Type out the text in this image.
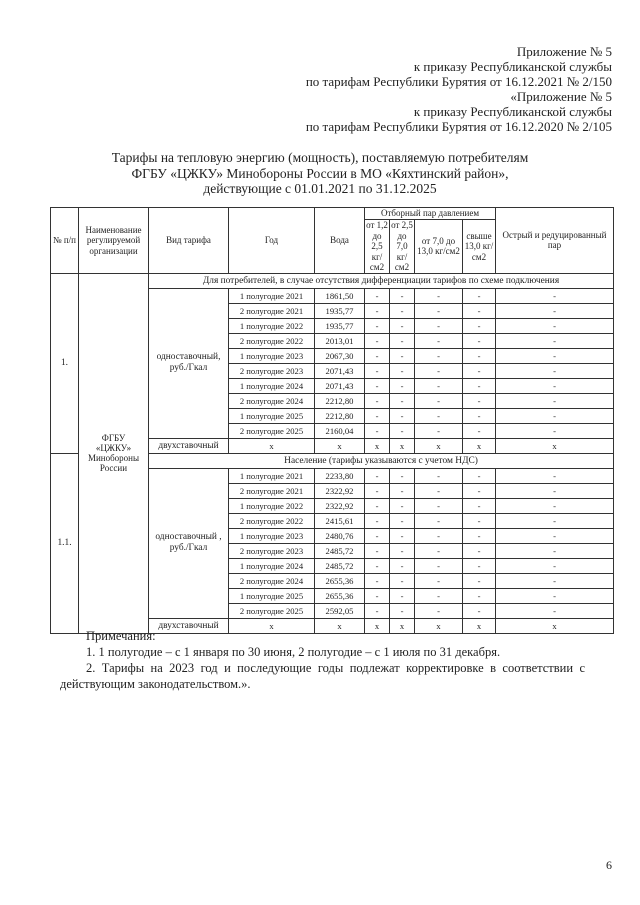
Приложение № 5
к приказу Республиканской службы
по тарифам Республики Бурятия от 16.12.2021 № 2/150
«Приложение № 5
к приказу Республиканской службы
по тарифам Республики Бурятия от 16.12.2020 № 2/105
Тарифы на тепловую энергию (мощность), поставляемую потребителям
ФГБУ «ЦЖКУ» Минобороны России в МО «Кяхтинский район»,
действующие с 01.01.2021 по 31.12.2025
№ п/п	Наименование регулируемой организации	Вид тарифа	Год	Вода	Отборный пар давлением				Острый и редуцированный пар
					от 1,2 до 2,5 кг/см2	от 2,5 до 7,0 кг/см2	от 7,0 до 13,0 кг/см2	свыше 13,0 кг/см2	
1.	ФГБУ «ЦЖКУ» Минобороны России	Для потребителей, в случае отсутствия дифференциации тарифов по схеме подключения							
		одноставочный, руб./Гкал	1 полугодие 2021	1861,50	-	-	-	-	-
			2 полугодие 2021	1935,77	-	-	-	-	-
			1 полугодие 2022	1935,77	-	-	-	-	-
			2 полугодие 2022	2013,01	-	-	-	-	-
			1 полугодие 2023	2067,30	-	-	-	-	-
			2 полугодие 2023	2071,43	-	-	-	-	-
			1 полугодие 2024	2071,43	-	-	-	-	-
			2 полугодие 2024	2212,80	-	-	-	-	-
			1 полугодие 2025	2212,80	-	-	-	-	-
			2 полугодие 2025	2160,04	-	-	-	-	-
		двухставочный	x	x	x	x	x	x	x
1.1.		Население (тарифы указываются с учетом НДС)							
		одноставочный , руб./Гкал	1 полугодие 2021	2233,80	-	-	-	-	-
			2 полугодие 2021	2322,92	-	-	-	-	-
			1 полугодие 2022	2322,92	-	-	-	-	-
			2 полугодие 2022	2415,61	-	-	-	-	-
			1 полугодие 2023	2480,76	-	-	-	-	-
			2 полугодие 2023	2485,72	-	-	-	-	-
			1 полугодие 2024	2485,72	-	-	-	-	-
			2 полугодие 2024	2655,36	-	-	-	-	-
			1 полугодие 2025	2655,36	-	-	-	-	-
			2 полугодие 2025	2592,05	-	-	-	-	-
		двухставочный	x	x	x	x	x	x	x
Примечания:
1. 1 полугодие – с 1 января по 30 июня, 2 полугодие – с 1 июля по 31 декабря.
2. Тарифы на 2023 год и последующие годы подлежат корректировке в соответствии с действующим законодательством.».
6
